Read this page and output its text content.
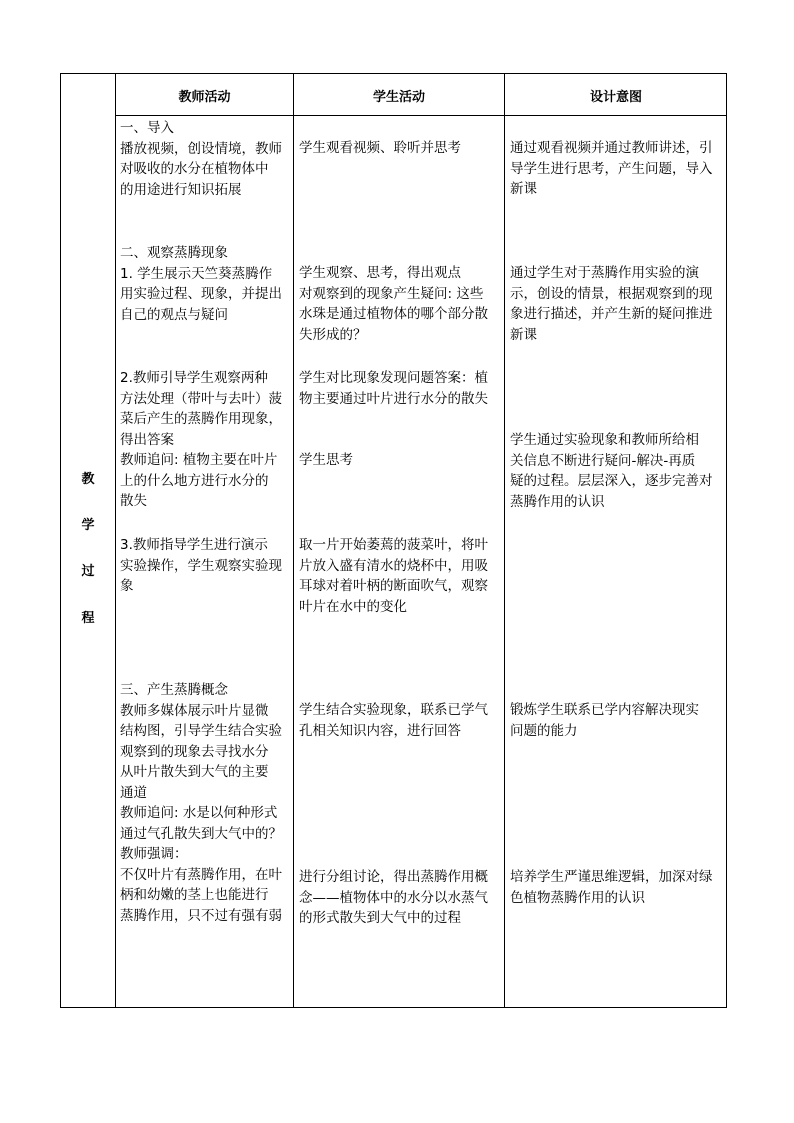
教师活动	学生活动	设计意图
教
学
过
程
一、导入
播放视频，创设情境，教师
对吸收的水分在植物体中
的用途进行知识拓展
二、观察蒸腾现象
1. 学生展示天竺葵蒸腾作
用实验过程、现象，并提出
自己的观点与疑问
2.教师引导学生观察两种
方法处理（带叶与去叶）菠
菜后产生的蒸腾作用现象，
得出答案
教师追问: 植物主要在叶片
上的什么地方进行水分的
散失
3.教师指导学生进行演示
实验操作，学生观察实验现
象
三、产生蒸腾概念
教师多媒体展示叶片显微
结构图，引导学生结合实验
观察到的现象去寻找水分
从叶片散失到大气的主要
通道
教师追问: 水是以何种形式
通过气孔散失到大气中的？
教师强调：
不仅叶片有蒸腾作用，在叶
柄和幼嫩的茎上也能进行
蒸腾作用，只不过有强有弱
学生观看视频、聆听并思考
学生观察、思考，得出观点
对观察到的现象产生疑问: 这些
水珠是通过植物体的哪个部分散
失形成的？
学生对比现象发现问题答案：植
物主要通过叶片进行水分的散失
学生思考
取一片开始萎蔫的菠菜叶，将叶
片放入盛有清水的烧杯中，用吸
耳球对着叶柄的断面吹气，观察
叶片在水中的变化
学生结合实验现象，联系已学气
孔相关知识内容，进行回答
进行分组讨论，得出蒸腾作用概
念——植物体中的水分以水蒸气
的形式散失到大气中的过程
通过观看视频并通过教师讲述，引
导学生进行思考，产生问题，导入
新课
通过学生对于蒸腾作用实验的演
示，创设的情景，根据观察到的现
象进行描述，并产生新的疑问推进
新课
学生通过实验现象和教师所给相
关信息不断进行疑问-解决-再质
疑的过程。层层深入，逐步完善对
蒸腾作用的认识
锻炼学生联系已学内容解决现实
问题的能力
培养学生严谨思维逻辑，加深对绿
色植物蒸腾作用的认识
